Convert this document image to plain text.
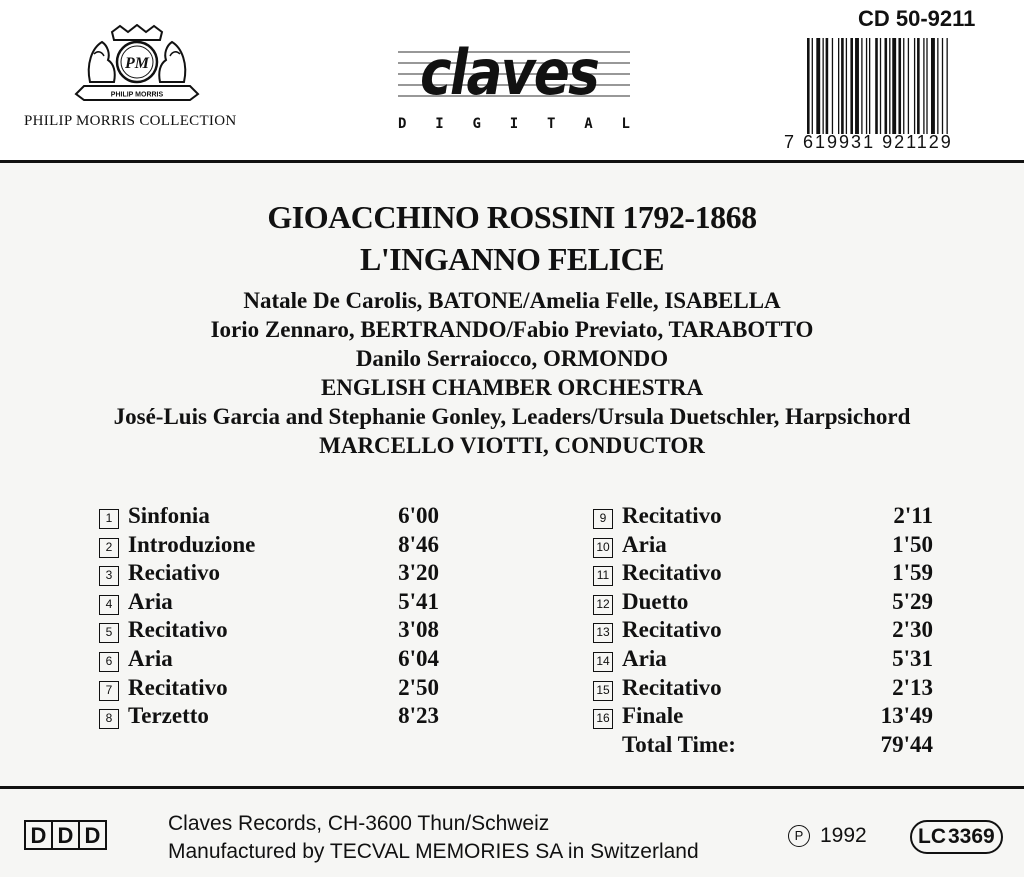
PM
PHILIP MORRIS
PHILIP MORRIS COLLECTION
claves
D I G I T A L
CD 50-9211
7 619931 921129
GIOACCHINO ROSSINI 1792-1868
L'INGANNO FELICE
Natale De Carolis, BATONE/Amelia Felle, ISABELLA
Iorio Zennaro, BERTRANDO/Fabio Previato, TARABOTTO
Danilo Serraiocco, ORMONDO
ENGLISH CHAMBER ORCHESTRA
José-Luis Garcia and Stephanie Gonley, Leaders/Ursula Duetschler, Harpsichord
MARCELLO VIOTTI, CONDUCTOR
1 Sinfonia	6'00
2 Introduzione	8'46
3 Reciativo	3'20
4 Aria	5'41
5 Recitativo	3'08
6 Aria	6'04
7 Recitativo	2'50
8 Terzetto	8'23
9 Recitativo	2'11
10 Aria	1'50
11 Recitativo	1'59
12 Duetto	5'29
13 Recitativo	2'30
14 Aria	5'31
15 Recitativo	2'13
16 Finale	13'49
Total Time:	79'44
D D D	Claves Records, CH-3600 Thun/Schweiz
Manufactured by TECVAL MEMORIES SA in Switzerland
P 1992 LC 3369
